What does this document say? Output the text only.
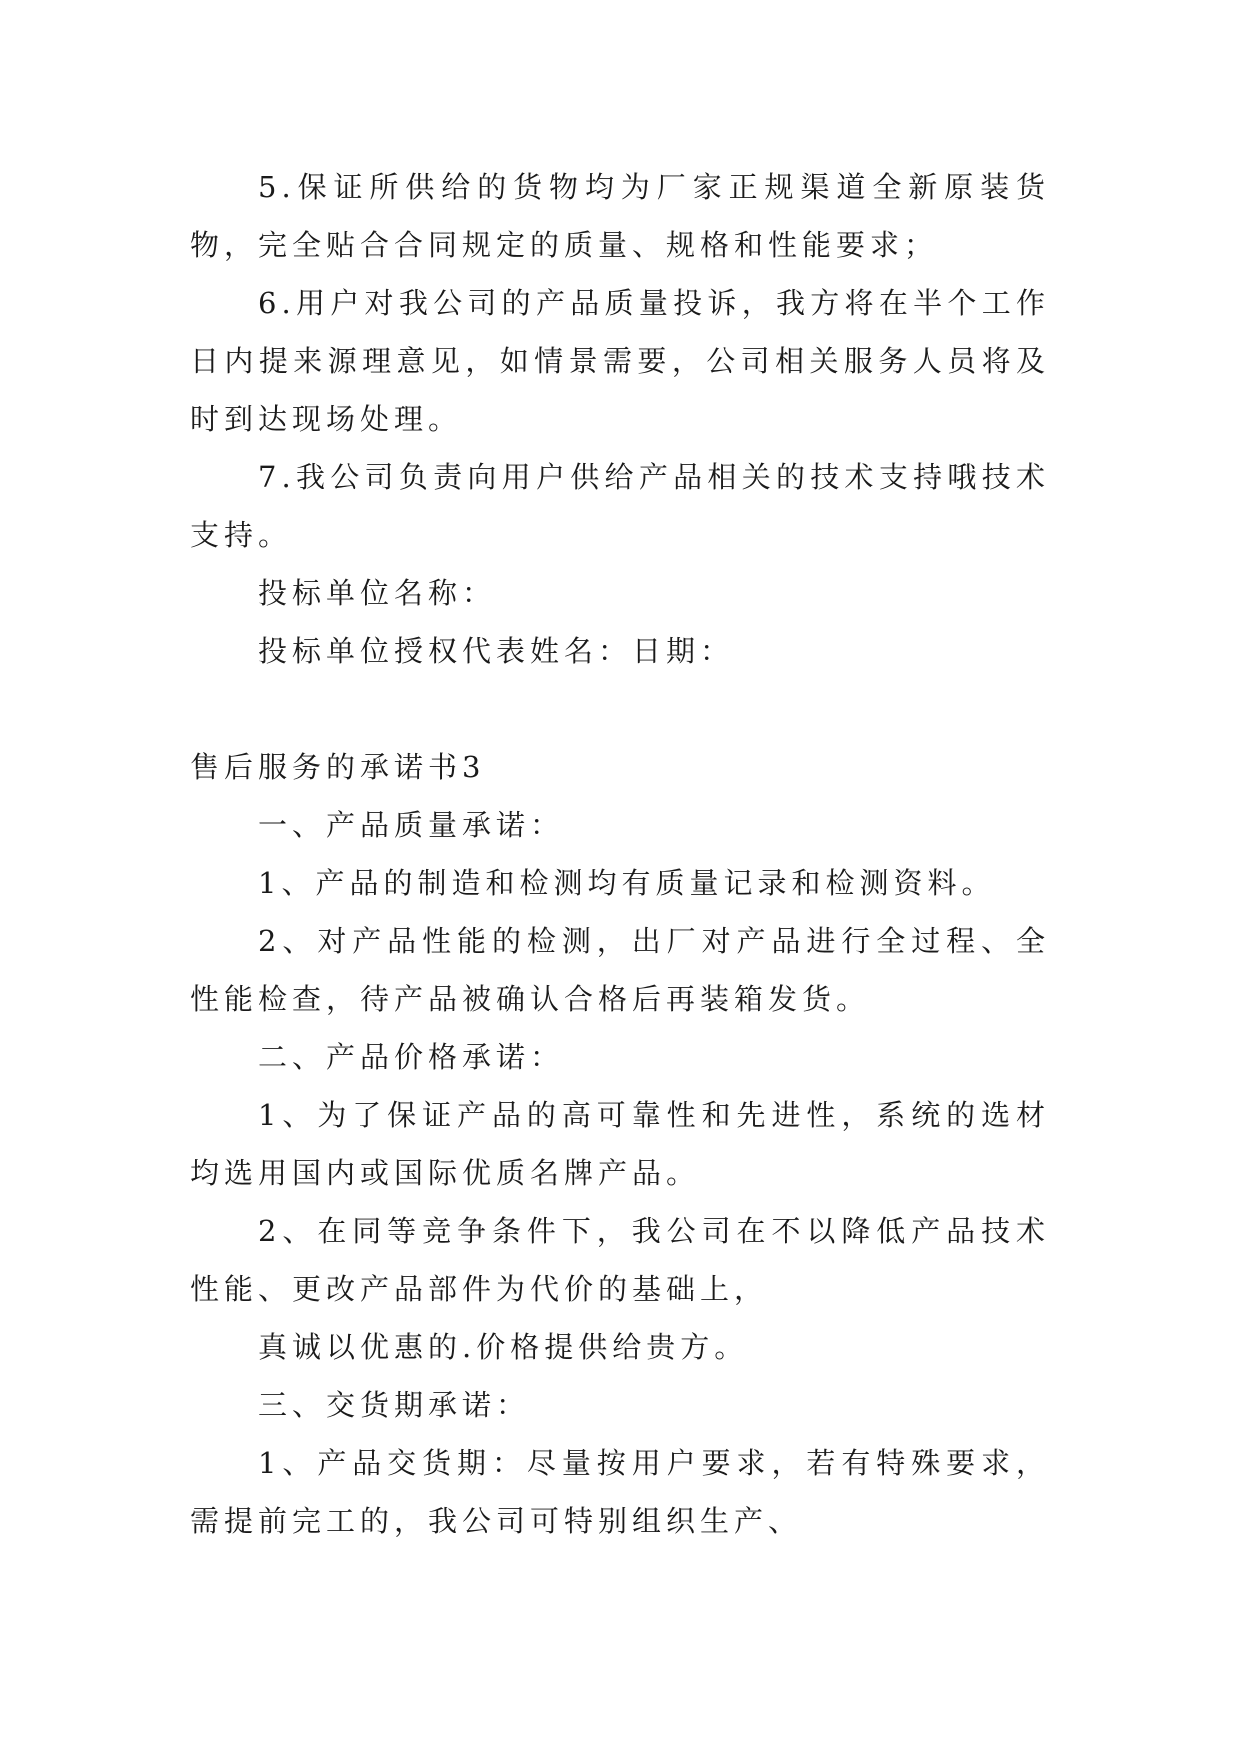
5.保证所供给的货物均为厂家正规渠道全新原装货物，完全贴合合同规定的质量、规格和性能要求；

6.用户对我公司的产品质量投诉，我方将在半个工作日内提来源理意见，如情景需要，公司相关服务人员将及时到达现场处理。

7.我公司负责向用户供给产品相关的技术支持哦技术支持。

投标单位名称：

投标单位授权代表姓名：日期：

售后服务的承诺书3

一、产品质量承诺：

1、产品的制造和检测均有质量记录和检测资料。

2、对产品性能的检测，出厂对产品进行全过程、全性能检查，待产品被确认合格后再装箱发货。

二、产品价格承诺：

1、为了保证产品的高可靠性和先进性，系统的选材均选用国内或国际优质名牌产品。

2、在同等竞争条件下，我公司在不以降低产品技术性能、更改产品部件为代价的基础上，

真诚以优惠的.价格提供给贵方。

三、交货期承诺：

1、产品交货期：尽量按用户要求，若有特殊要求，需提前完工的，我公司可特别组织生产、
